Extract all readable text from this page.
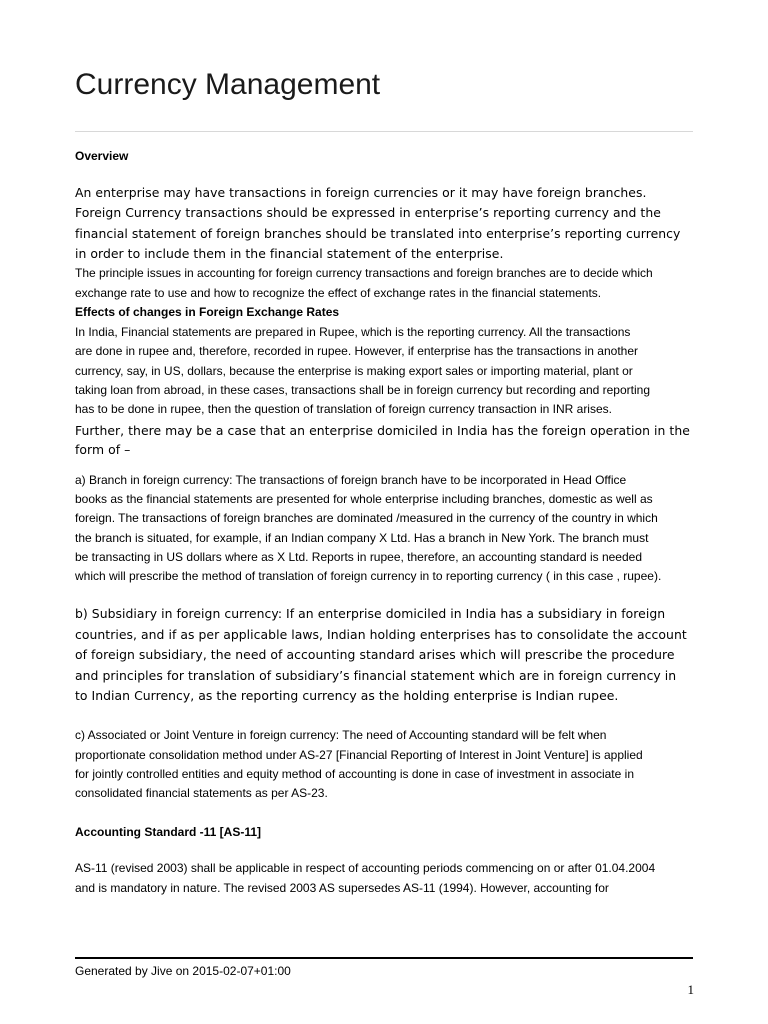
Currency Management
Overview

An enterprise may have transactions in foreign currencies or it may have foreign branches.
Foreign Currency transactions should be expressed in enterprise’s reporting currency and the
financial statement of foreign branches should be translated into enterprise’s reporting currency
in order to include them in the financial statement of the enterprise.

The principle issues in accounting for foreign currency transactions and foreign branches are to decide which
exchange rate to use and how to recognize the effect of exchange rates in the financial statements.

Effects of changes in Foreign Exchange Rates

In India, Financial statements are prepared in Rupee, which is the reporting currency. All the transactions
are done in rupee and, therefore, recorded in rupee. However, if enterprise has the transactions in another
currency, say, in US, dollars, because the enterprise is making export sales or importing material, plant or
taking loan from abroad, in these cases, transactions shall be in foreign currency but recording and reporting
has to be done in rupee, then the question of translation of foreign currency transaction in INR arises.

Further, there may be a case that an enterprise domiciled in India has the foreign operation in the
form of –

a) Branch in foreign currency: The transactions of foreign branch have to be incorporated in Head Office
books as the financial statements are presented for whole enterprise including branches, domestic as well as
foreign. The transactions of foreign branches are dominated /measured in the currency of the country in which
the branch is situated, for example, if an Indian company X Ltd. Has a branch in New York. The branch must
be transacting in US dollars where as X Ltd. Reports in rupee, therefore, an accounting standard is needed
which will prescribe the method of translation of foreign currency in to reporting currency ( in this case , rupee).

b) Subsidiary in foreign currency: If an enterprise domiciled in India has a subsidiary in foreign
countries, and if as per applicable laws, Indian holding enterprises has to consolidate the account
of foreign subsidiary, the need of accounting standard arises which will prescribe the procedure
and principles for translation of subsidiary’s financial statement which are in foreign currency in
to Indian Currency, as the reporting currency as the holding enterprise is Indian rupee.

c) Associated or Joint Venture in foreign currency: The need of Accounting standard will be felt when
proportionate consolidation method under AS-27 [Financial Reporting of Interest in Joint Venture] is applied
for jointly controlled entities and equity method of accounting is done in case of investment in associate in
consolidated financial statements as per AS-23.

Accounting Standard -11 [AS-11]

AS-11 (revised 2003) shall be applicable in respect of accounting periods commencing on or after 01.04.2004
and is mandatory in nature. The revised 2003 AS supersedes AS-11 (1994). However, accounting for

Generated by Jive on 2015-02-07+01:00
1
